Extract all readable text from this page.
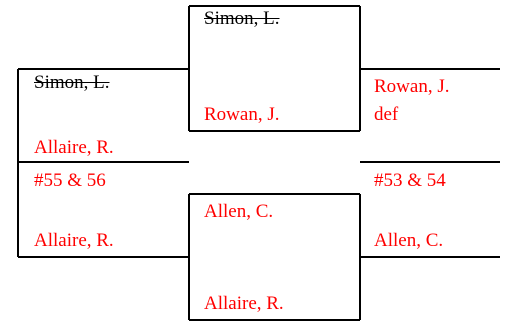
Simon, L.
Rowan, J.
Simon, L.
Allaire, R.
#55 & 56
Allaire, R.
Rowan, J.
def
#53 & 54
Allen, C.
Allen, C.
Allaire, R.
